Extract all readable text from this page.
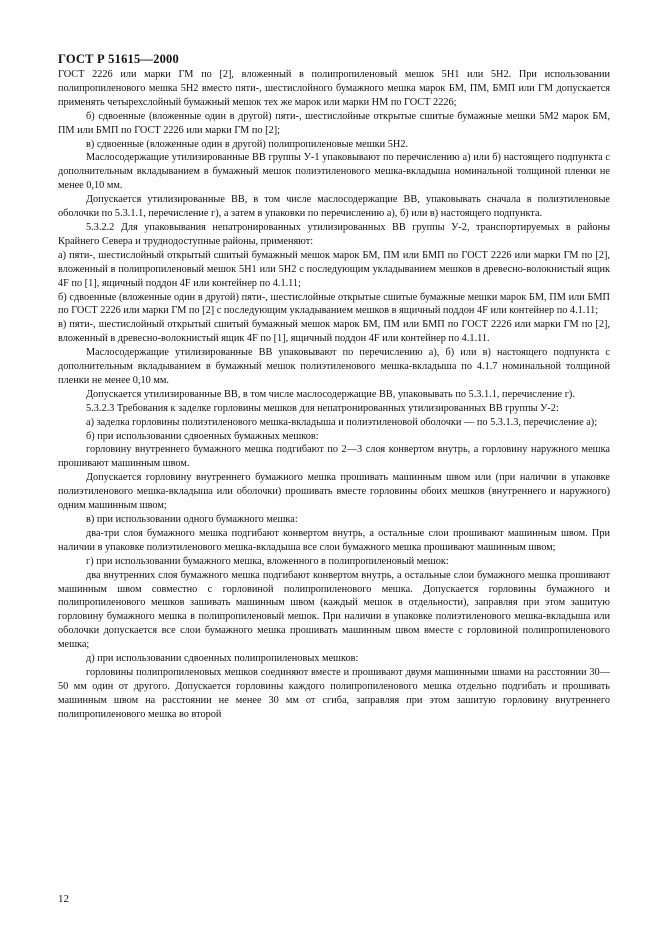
ГОСТ Р 51615—2000

ГОСТ 2226 или марки ГМ по [2], вложенный в полипропиленовый мешок 5Н1 или 5Н2. При использовании полипропиленового мешка 5Н2 вместо пяти-, шестислойного бумажного мешка марок БМ, ПМ, БМП или ГМ допускается применять четырехслойный бумажный мешок тех же марок или марки НМ по ГОСТ 2226;

б) сдвоенные (вложенные один в другой) пяти-, шестислойные открытые сшитые бумажные мешки 5М2 марок БМ, ПМ или БМП по ГОСТ 2226 или марки ГМ по [2];

в) сдвоенные (вложенные один в другой) полипропиленовые мешки 5Н2.

Маслосодержащие утилизированные ВВ группы У-1 упаковывают по перечислению а) или б) настоящего подпункта с дополнительным вкладыванием в бумажный мешок полиэтиленового мешка-вкладыша номинальной толщиной пленки не менее 0,10 мм.

Допускается утилизированные ВВ, в том числе маслосодержащие ВВ, упаковывать сначала в полиэтиленовые оболочки по 5.3.1.1, перечисление г), а затем в упаковки по перечислению а), б) или в) настоящего подпункта.

5.3.2.2 Для упаковывания непатронированных утилизированных ВВ группы У-2, транспортируемых в районы Крайнего Севера и труднодоступные районы, применяют:

а) пяти-, шестислойный открытый сшитый бумажный мешок марок БМ, ПМ или БМП по ГОСТ 2226 или марки ГМ по [2], вложенный в полипропиленовый мешок 5Н1 или 5Н2 с последующим укладыванием мешков в древесно-волокнистый ящик 4F по [1], ящичный поддон 4F или контейнер по 4.1.11;

б) сдвоенные (вложенные один в другой) пяти-, шестислойные открытые сшитые бумажные мешки марок БМ, ПМ или БМП по ГОСТ 2226 или марки ГМ по [2] с последующим укладыванием мешков в ящичный поддон 4F или контейнер по 4.1.11;

в) пяти-, шестислойный открытый сшитый бумажный мешок марок БМ, ПМ или БМП по ГОСТ 2226 или марки ГМ по [2], вложенный в древесно-волокнистый ящик 4F по [1], ящичный поддон 4F или контейнер по 4.1.11.

Маслосодержащие утилизированные ВВ упаковывают по перечислению а), б) или в) настоящего подпункта с дополнительным вкладыванием в бумажный мешок полиэтиленового мешка-вкладыша по 4.1.7 номинальной толщиной пленки не менее 0,10 мм.

Допускается утилизированные ВВ, в том числе маслосодержащие ВВ, упаковывать по 5.3.1.1, перечисление г).

5.3.2.3 Требования к заделке горловины мешков для непатронированных утилизированных ВВ группы У-2:

а) заделка горловины полиэтиленового мешка-вкладыша и полиэтиленовой оболочки — по 5.3.1.3, перечисление а);

б) при использовании сдвоенных бумажных мешков:

горловину внутреннего бумажного мешка подгибают по 2—3 слоя конвертом внутрь, а горловину наружного мешка прошивают машинным швом.

Допускается горловину внутреннего бумажного мешка прошивать машинным швом или (при наличии в упаковке полиэтиленового мешка-вкладыша или оболочки) прошивать вместе горловины обоих мешков (внутреннего и наружного) одним машинным швом;

в) при использовании одного бумажного мешка:

два-три слоя бумажного мешка подгибают конвертом внутрь, а остальные слои прошивают машинным швом. При наличии в упаковке полиэтиленового мешка-вкладыша все слои бумажного мешка прошивают машинным швом;

г) при использовании бумажного мешка, вложенного в полипропиленовый мешок:

два внутренних слоя бумажного мешка подгибают конвертом внутрь, а остальные слои бумажного мешка прошивают машинным швом совместно с горловиной полипропиленового мешка. Допускается горловины бумажного и полипропиленового мешков зашивать машинным швом (каждый мешок в отдельности), заправляя при этом зашитую горловину бумажного мешка в полипропиленовый мешок. При наличии в упаковке полиэтиленового мешка-вкладыша или оболочки допускается все слои бумажного мешка прошивать машинным швом вместе с горловиной полипропиленового мешка;

д) при использовании сдвоенных полипропиленовых мешков:

горловины полипропиленовых мешков соединяют вместе и прошивают двумя машинными швами на расстоянии 30—50 мм один от другого. Допускается горловины каждого полипропиленового мешка отдельно подгибать и прошивать машинным швом на расстоянии не менее 30 мм от сгиба, заправляя при этом зашитую горловину внутреннего полипропиленового мешка во второй

12
